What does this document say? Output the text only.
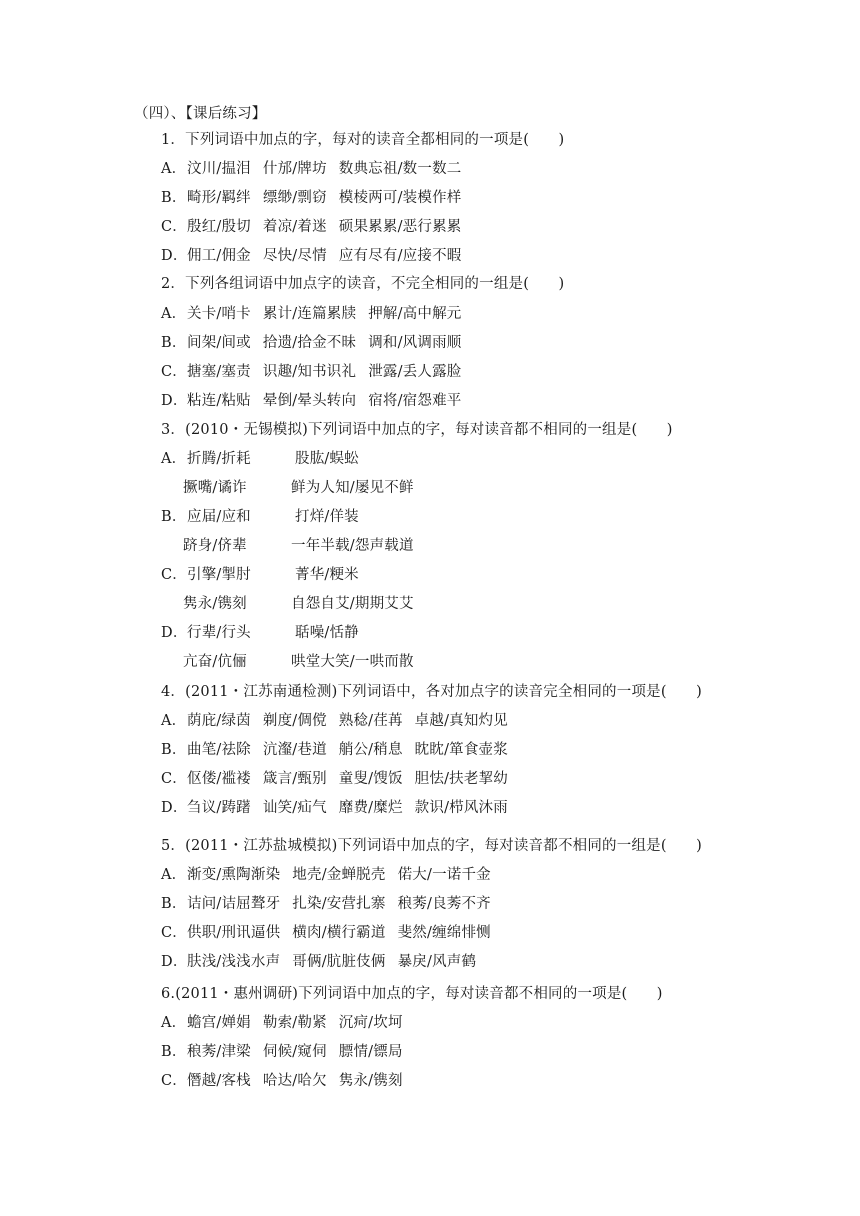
（四）、【课后练习】
1．下列词语中加点的字，每对的读音全都相同的一项是(　　)
A．汶川/揾泪 什邡/牌坊 数典忘祖/数一数二
B．畸形/羁绊 缥缈/剽窃 模棱两可/装模作样
C．殷红/殷切 着凉/着迷 硕果累累/恶行累累
D．佣工/佣金 尽快/尽情 应有尽有/应接不暇
2．下列各组词语中加点字的读音，不完全相同的一组是(　　)
A．关卡/哨卡 累计/连篇累牍 押解/高中解元
B．间架/间或 拾遗/拾金不昧 调和/风调雨顺
C．搪塞/塞责 识趣/知书识礼 泄露/丢人露脸
D．粘连/粘贴 晕倒/晕头转向 宿将/宿怨难平
3．(2010・无锡模拟)下列词语中加点的字，每对读音都不相同的一组是(　　)
A．折腾/折耗	股肱/蜈蚣
撅嘴/谲诈	鲜为人知/屡见不鲜
B．应届/应和	打烊/佯装
跻身/侪辈	一年半载/怨声载道
C．引擎/掣肘	菁华/粳米
隽永/镌刻	自怨自艾/期期艾艾
D．行辈/行头	聒噪/恬静
亢奋/伉俪	哄堂大笑/一哄而散
4．(2011・江苏南通检测)下列词语中，各对加点字的读音完全相同的一项是(　　)
A．荫庇/绿茵 剃度/倜傥 熟稔/荏苒 卓越/真知灼见
B．曲笔/祛除 沆瀣/巷道 艄公/稍息 眈眈/箪食壶浆
C．伛偻/褴褛 箴言/甄别 童叟/馊饭 胆怯/扶老挈幼
D．刍议/踌躇 讪笑/疝气 靡费/糜烂 款识/栉风沐雨
5．(2011・江苏盐城模拟)下列词语中加点的字，每对读音都不相同的一组是(　　)
A．渐变/熏陶渐染 地壳/金蝉脱壳 偌大/一诺千金
B．诘问/诘屈聱牙 扎染/安营扎寨 稂莠/良莠不齐
C．供职/刑讯逼供 横肉/横行霸道 斐然/缠绵悱恻
D．肤浅/浅浅水声 哥俩/肮脏伎俩 暴戾/风声鹤
6.(2011・惠州调研)下列词语中加点的字，每对读音都不相同的一项是(　　)
A．蟾宫/婵娟 勒索/勒紧 沉疴/坎坷
B．稂莠/津梁 伺候/窥伺 膘情/镖局
C．僭越/客栈 哈达/哈欠 隽永/镌刻
